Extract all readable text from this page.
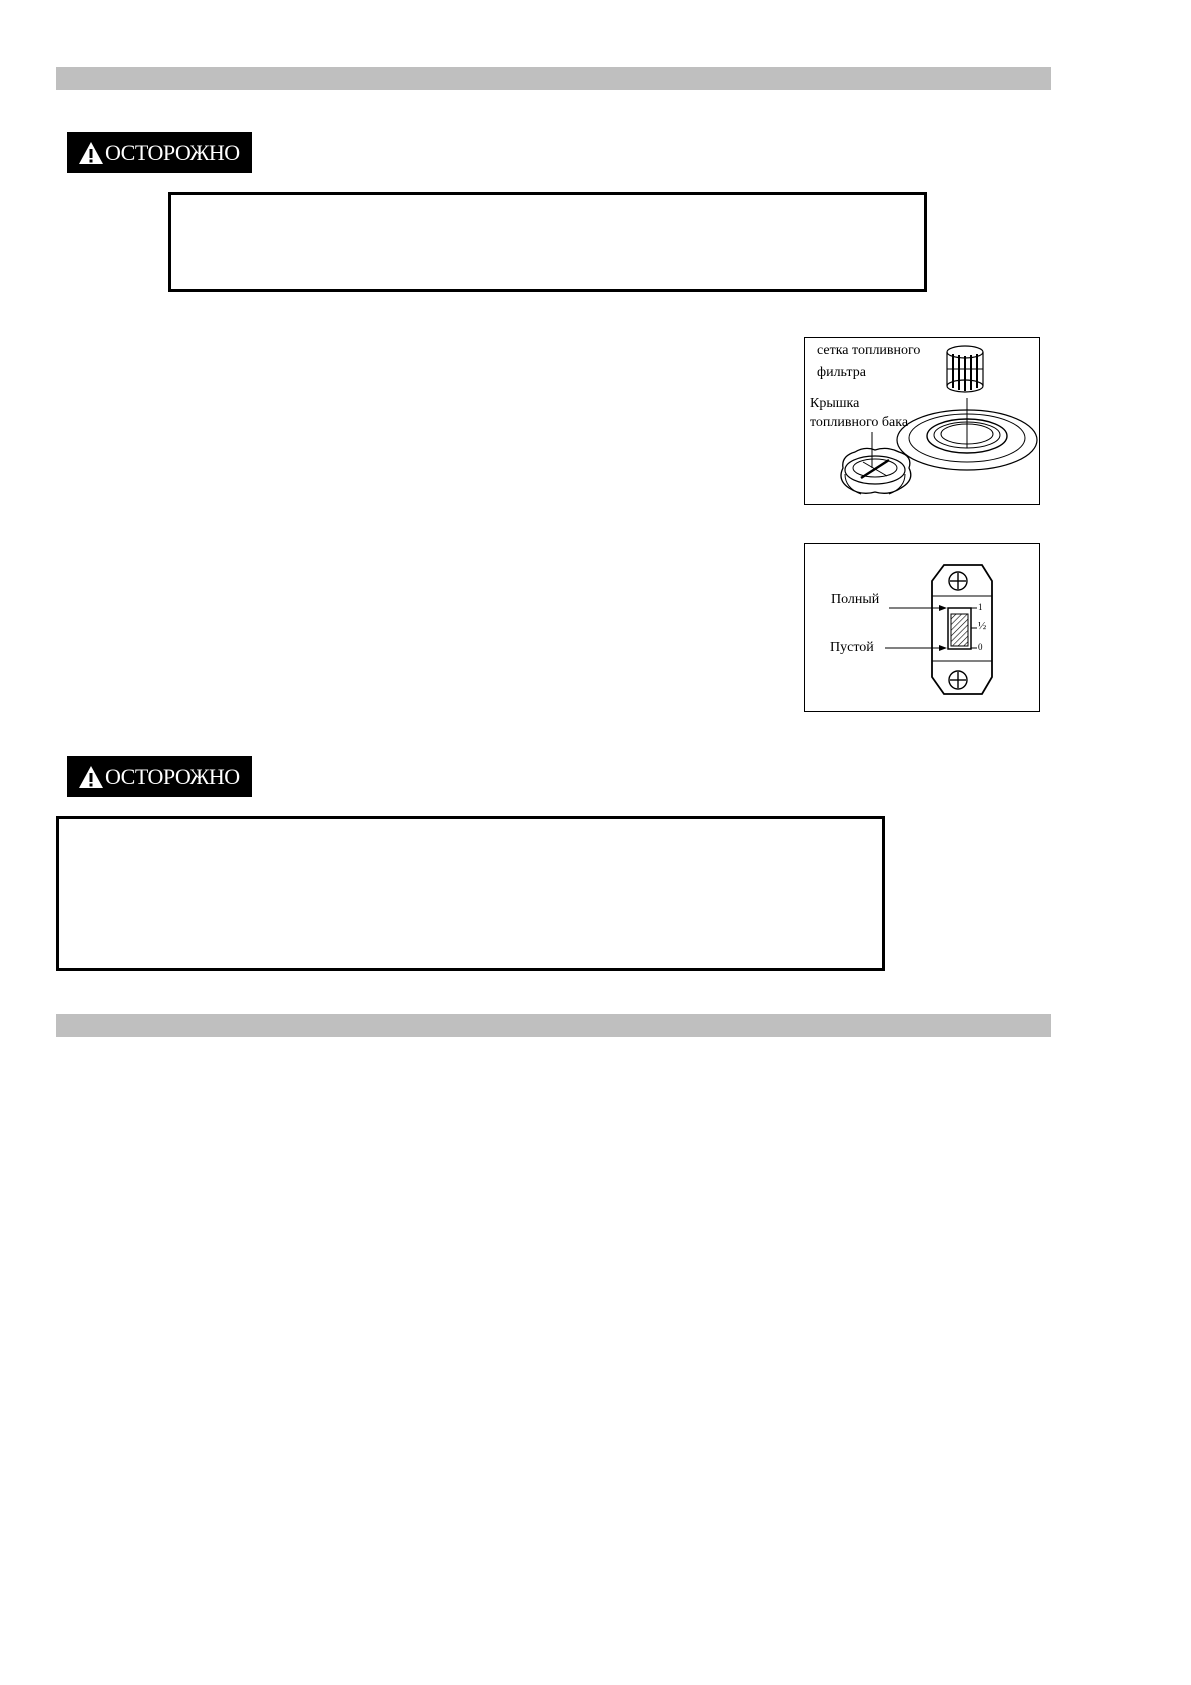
ОСТОРОЖНО
сетка топливного
фильтра
Крышка
топливного бака
Полный
Пустой
1
½
0
ОСТОРОЖНО
